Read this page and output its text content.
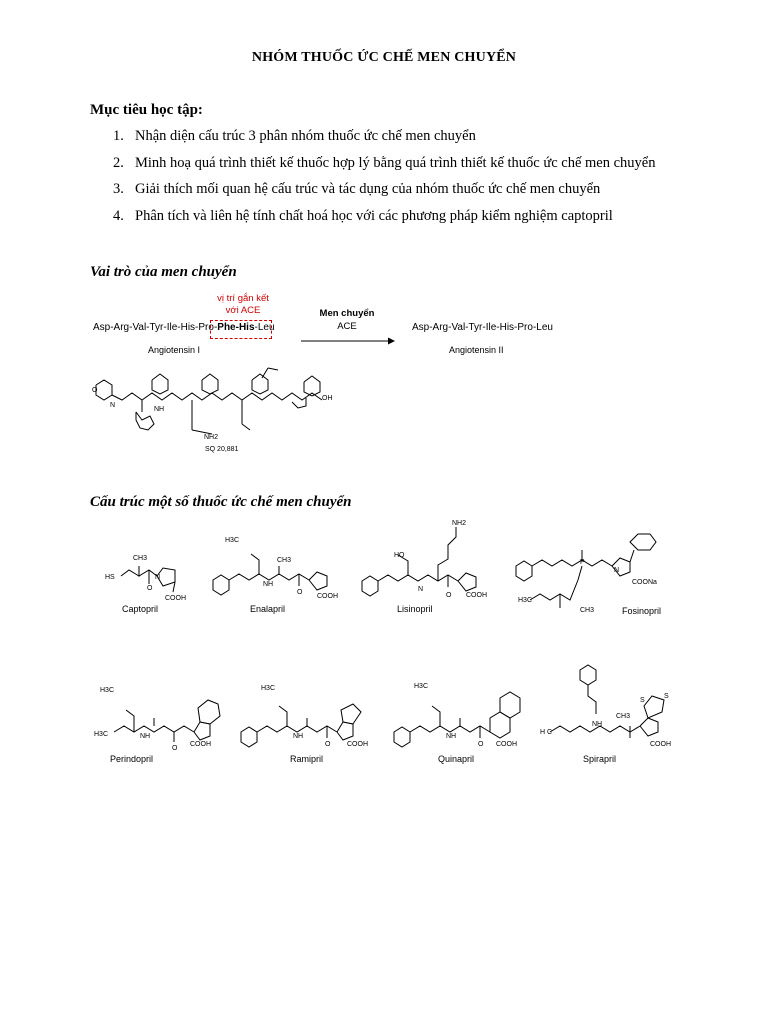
NHÓM THUỐC ỨC CHẾ MEN CHUYỂN
Mục tiêu học tập:
1. Nhận diện cấu trúc 3 phân nhóm thuốc ức chế men chuyển
2. Minh hoạ quá trình thiết kế thuốc hợp lý bằng quá trình thiết kế thuốc ức chế men chuyển
3. Giải thích mối quan hệ cấu trúc và tác dụng của nhóm thuốc ức chế men chuyển
4. Phân tích và liên hệ tính chất hoá học với các phương pháp kiểm nghiệm captopril
Vai trò của men chuyển
vị trí gắn kết
với ACE
Asp-Arg-Val-Tyr-Ile-His-Pro-Phe-His-Leu
Angiotensin I
Men chuyển
ACE	Asp-Arg-Val-Tyr-Ile-His-Pro-Leu
Angiotensin II
O
N
NH
NH2
OH
SQ 20,881
Cấu trúc một số thuốc ức chế men chuyển
HS
CH3
O
N
COOH
Captopril
H3C
NH
CH3
O
COOH
Enalapril
NH2
HO
N
O COOH
Lisinopril
P
N
COONa
H3C
CH3	Fosinopril
H3C
H3C	NH
O
COOH
Perindopril
H3C
NH
O COOH
Ramipril
H3C
NH
O COOH
Quinapril
H C
NH
CH3
S
S
COOH
Spirapril
